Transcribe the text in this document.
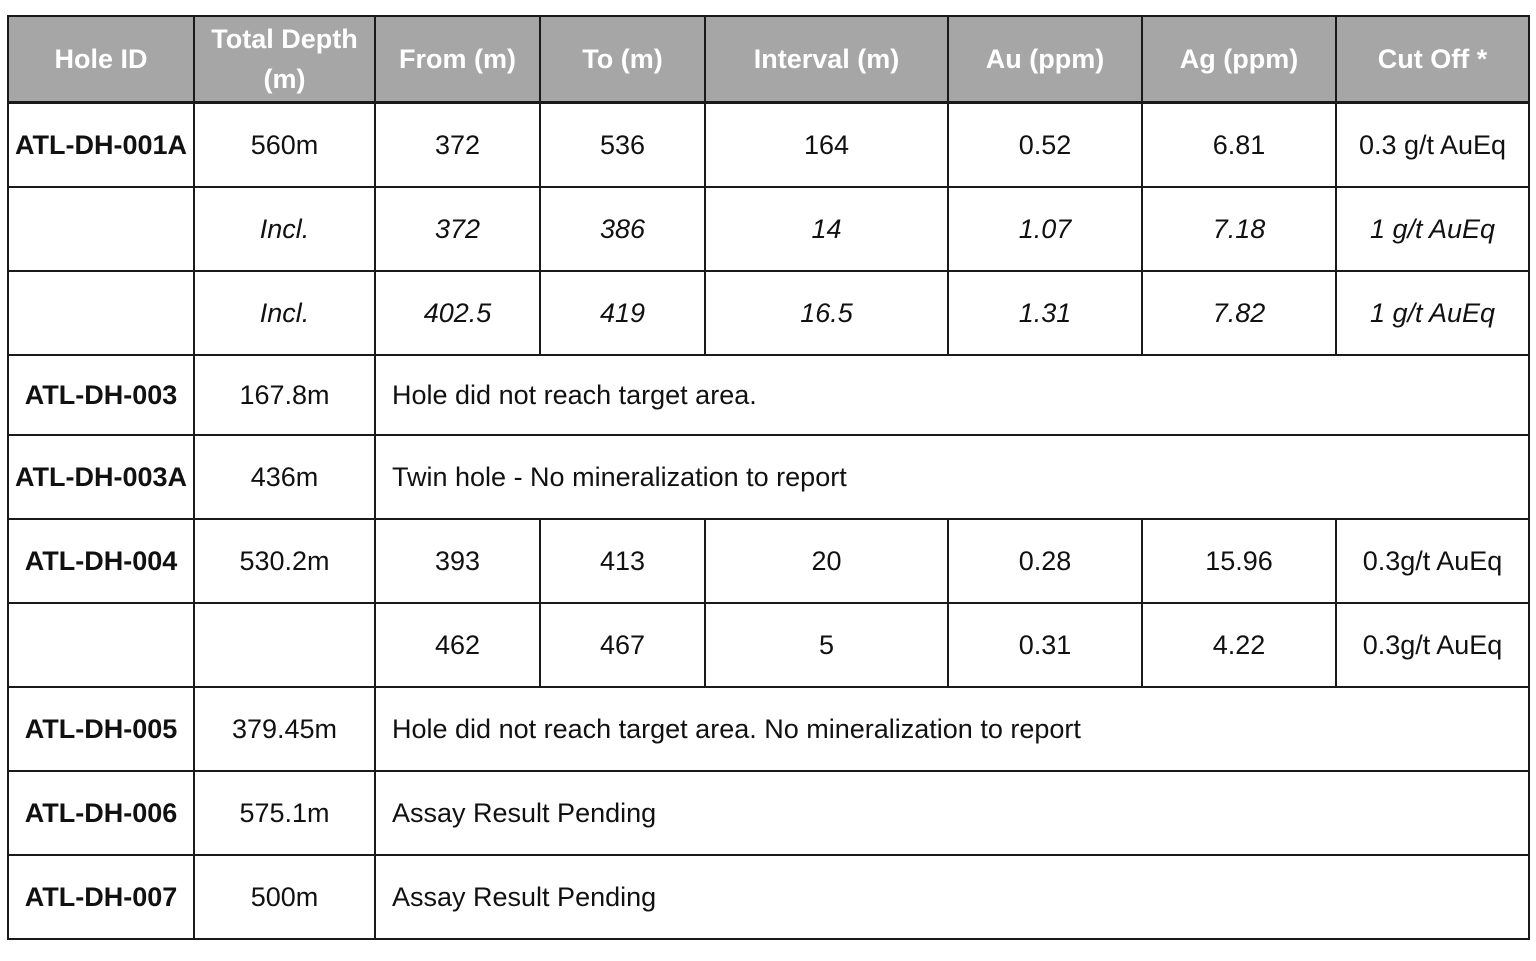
Hole ID	Total Depth (m)	From (m)	To (m)	Interval (m)	Au (ppm)	Ag (ppm)	Cut Off *
ATL-DH-001A	560m	372	536	164	0.52	6.81	0.3 g/t AuEq
	Incl.	372	386	14	1.07	7.18	1 g/t AuEq
	Incl.	402.5	419	16.5	1.31	7.82	1 g/t AuEq
ATL-DH-003	167.8m	Hole did not reach target area.					
ATL-DH-003A	436m	Twin hole - No mineralization to report					
ATL-DH-004	530.2m	393	413	20	0.28	15.96	0.3g/t AuEq
		462	467	5	0.31	4.22	0.3g/t AuEq
ATL-DH-005	379.45m	Hole did not reach target area. No mineralization to report					
ATL-DH-006	575.1m	Assay Result Pending					
ATL-DH-007	500m	Assay Result Pending					
